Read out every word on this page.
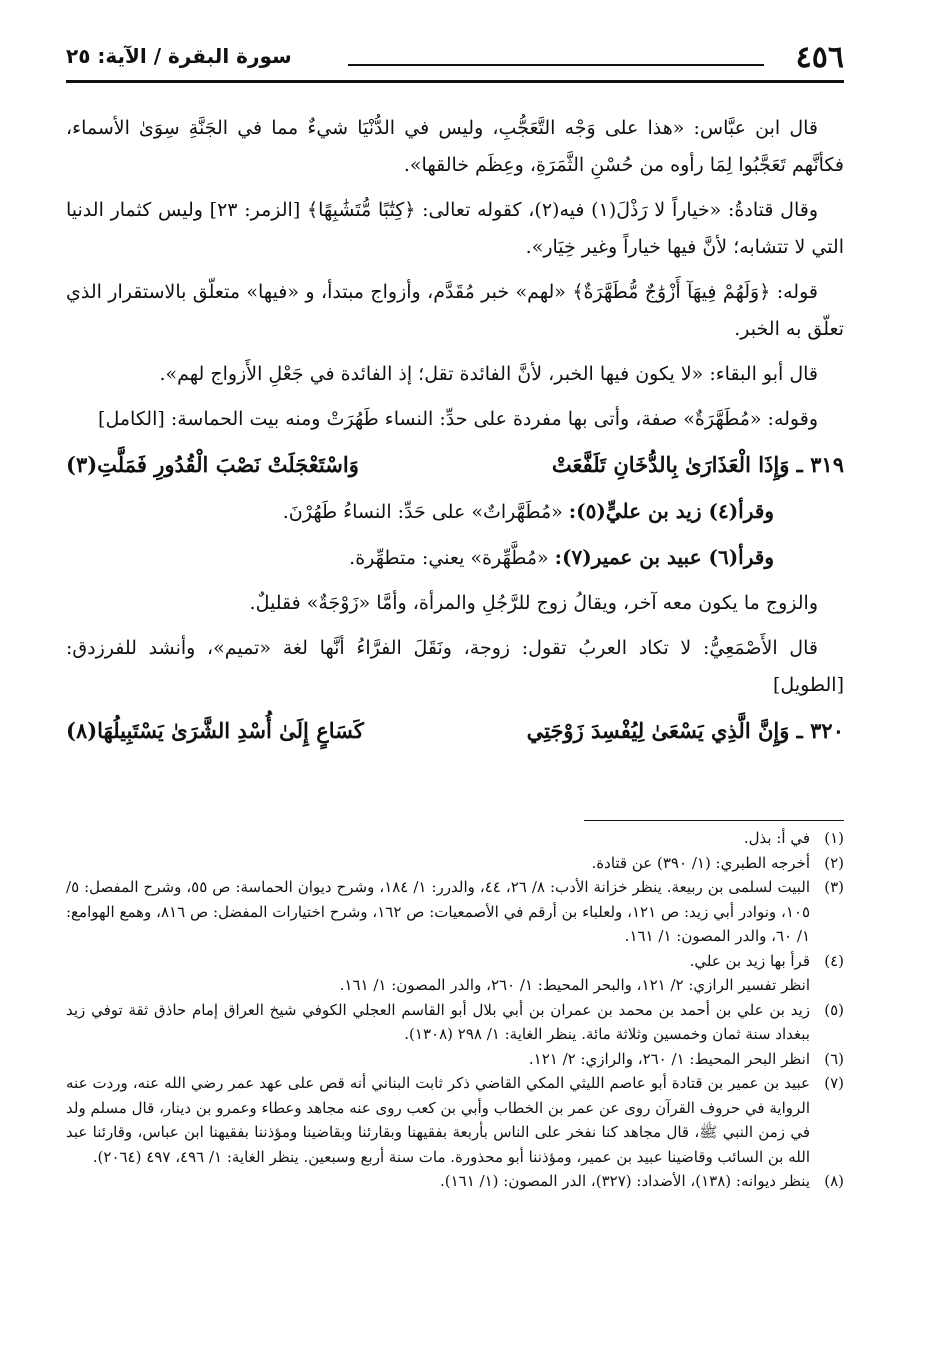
٤٥٦
سورة البقرة / الآية: ٢٥

قال ابن عبَّاس: «هذا على وَجْه التَّعَجُّبِ، وليس في الدُّنْيَا شيءٌ مما في الجَنَّةِ سِوَىٰ الأسماء، فكأنَّهم تَعَجَّبُوا لِمَا رأوه من حُسْنِ الثَّمَرَةِ، وعِظَم خالقها».

وقال قتادةُ: «خياراً لا رَذْلَ(١) فيه(٢)، كقوله تعالى: ﴿كِتَٰبًا مُّتَشَٰبِهًا﴾ [الزمر: ٢٣] وليس كثمار الدنيا التي لا تتشابه؛ لأنَّ فيها خياراً وغير خِيَار».

قوله: ﴿وَلَهُمْ فِيهَآ أَزْوَٰجٌ مُّطَهَّرَةٌ﴾ «لهم» خبر مُقَدَّم، وأزواج مبتدأ، و «فيها» متعلّق بالاستقرار الذي تعلّق به الخبر.

قال أبو البقاء: «لا يكون فيها الخبر، لأنَّ الفائدة تقل؛ إذ الفائدة في جَعْلِ الأَزواج لهم».

وقوله: «مُطَهَّرَةٌ» صفة، وأتى بها مفردة على حدِّ: النساء طَهُرَتْ ومنه بيت الحماسة: [الكامل]

٣١٩ ـ وَإِذَا الْعَذَارَىٰ بِالدُّخَانِ تَلَفَّعَتْ
وَاسْتَعْجَلَتْ نَصْبَ الْقُدُورِ فَمَلَّتِ(٣)

وقرأ(٤) زيد بن عليٍّ(٥): «مُطَهَّراتٌ» على حَدِّ: النساءُ طَهُرْنَ.

وقرأ(٦) عبيد بن عمير(٧): «مُطَّهِّرة» يعني: متطهِّرة.

والزوج ما يكون معه آخر، ويقالُ زوج للرَّجُلِ والمرأة، وأمَّا «زَوْجَةٌ» فقليلٌ.

قال الأَصْمَعِيُّ: لا تكاد العربُ تقول: زوجة، ونَقَلَ الفرَّاءُ أنَّها لغة «تميم»، وأنشد للفرزدق: [الطويل]

٣٢٠ ـ وَإِنَّ الَّذِي يَسْعَىٰ لِيُفْسِدَ زَوْجَتِي
كَسَاعٍ إِلَىٰ أُسْدِ الشَّرَىٰ يَسْتَبِيلُهَا(٨)
(١)
في أ: بذل.
(٢)
أخرجه الطبري: (١/ ٣٩٠) عن قتادة.
(٣)
البيت لسلمى بن ربيعة. ينظر خزانة الأدب: ٨/ ٢٦، ٤٤، والدرر: ١/ ١٨٤، وشرح ديوان الحماسة: ص ٥٥، وشرح المفصل: ٥/ ١٠٥، ونوادر أبي زيد: ص ١٢١، ولعلباء بن أرقم في الأصمعيات: ص ١٦٢، وشرح اختيارات المفضل: ص ٨١٦، وهمع الهوامع: ١/ ٦٠، والدر المصون: ١/ ١٦١.
(٤)
قرأ بها زيد بن علي.
انظر تفسير الرازي: ٢/ ١٢١، والبحر المحيط: ١/ ٢٦٠، والدر المصون: ١/ ١٦١.
(٥)
زيد بن علي بن أحمد بن محمد بن عمران بن أبي بلال أبو القاسم العجلي الكوفي شيخ العراق إمام حاذق ثقة توفي زيد ببغداد سنة ثمان وخمسين وثلاثة مائة. ينظر الغاية: ١/ ٢٩٨ (١٣٠٨).
(٦)
انظر البحر المحيط: ١/ ٢٦٠، والرازي: ٢/ ١٢١.
(٧)
عبيد بن عمير بن قتادة أبو عاصم الليثي المكي القاضي ذكر ثابت البناني أنه قص على عهد عمر رضي الله عنه، وردت عنه الرواية في حروف القرآن روى عن عمر بن الخطاب وأبي بن كعب روى عنه مجاهد وعطاء وعمرو بن دينار، قال مسلم ولد في زمن النبي ﷺ، قال مجاهد كنا نفخر على الناس بأربعة بفقيهنا وبقارئنا وبقاضينا ومؤذننا بفقيهنا ابن عباس، وقارئنا عبد الله بن السائب وقاضينا عبيد بن عمير، ومؤذننا أبو محذورة. مات سنة أربع وسبعين. ينظر الغاية: ١/ ٤٩٦، ٤٩٧ (٢٠٦٤).
(٨)
ينظر ديوانه: (١٣٨)، الأضداد: (٣٢٧)، الدر المصون: (١/ ١٦١).
